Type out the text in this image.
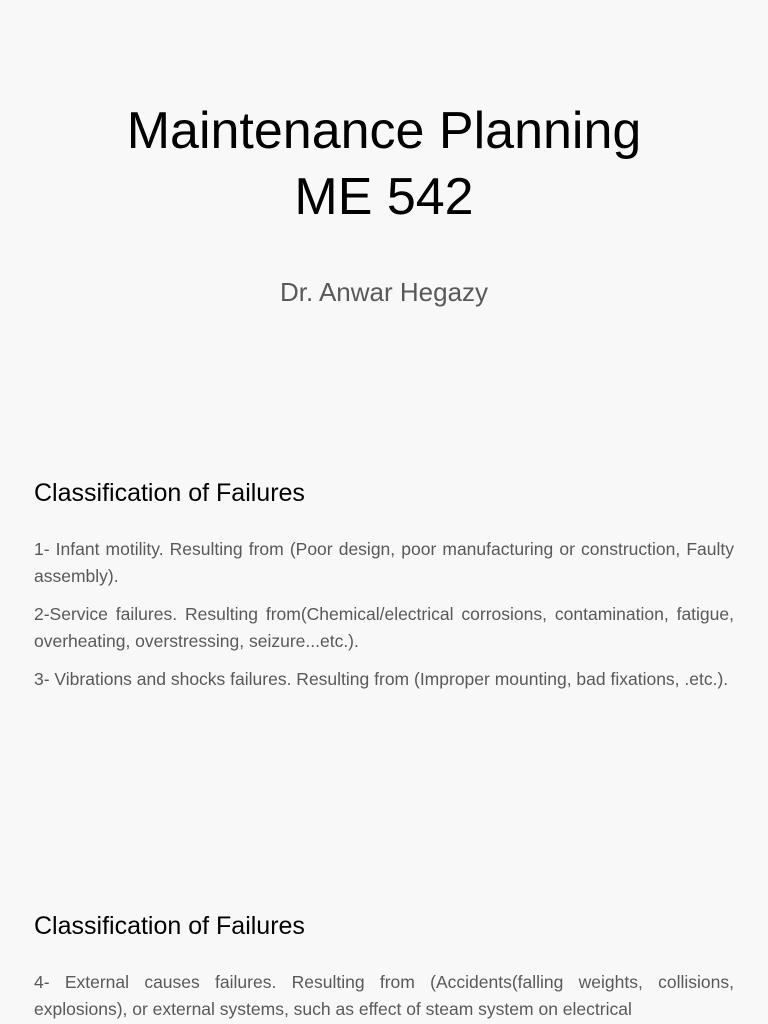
Maintenance Planning
ME 542
Dr. Anwar Hegazy
Classification of Failures

1- Infant motility. Resulting from (Poor design, poor manufacturing or construction, Faulty assembly).

2-Service failures. Resulting from(Chemical/electrical corrosions, contamination, fatigue, overheating, overstressing, seizure...etc.).

3- Vibrations and shocks failures. Resulting from (Improper mounting, bad fixations, .etc.).

Classification of Failures

4- External causes failures. Resulting from (Accidents(falling weights, collisions, explosions), or external systems, such as effect of steam system on electrical
